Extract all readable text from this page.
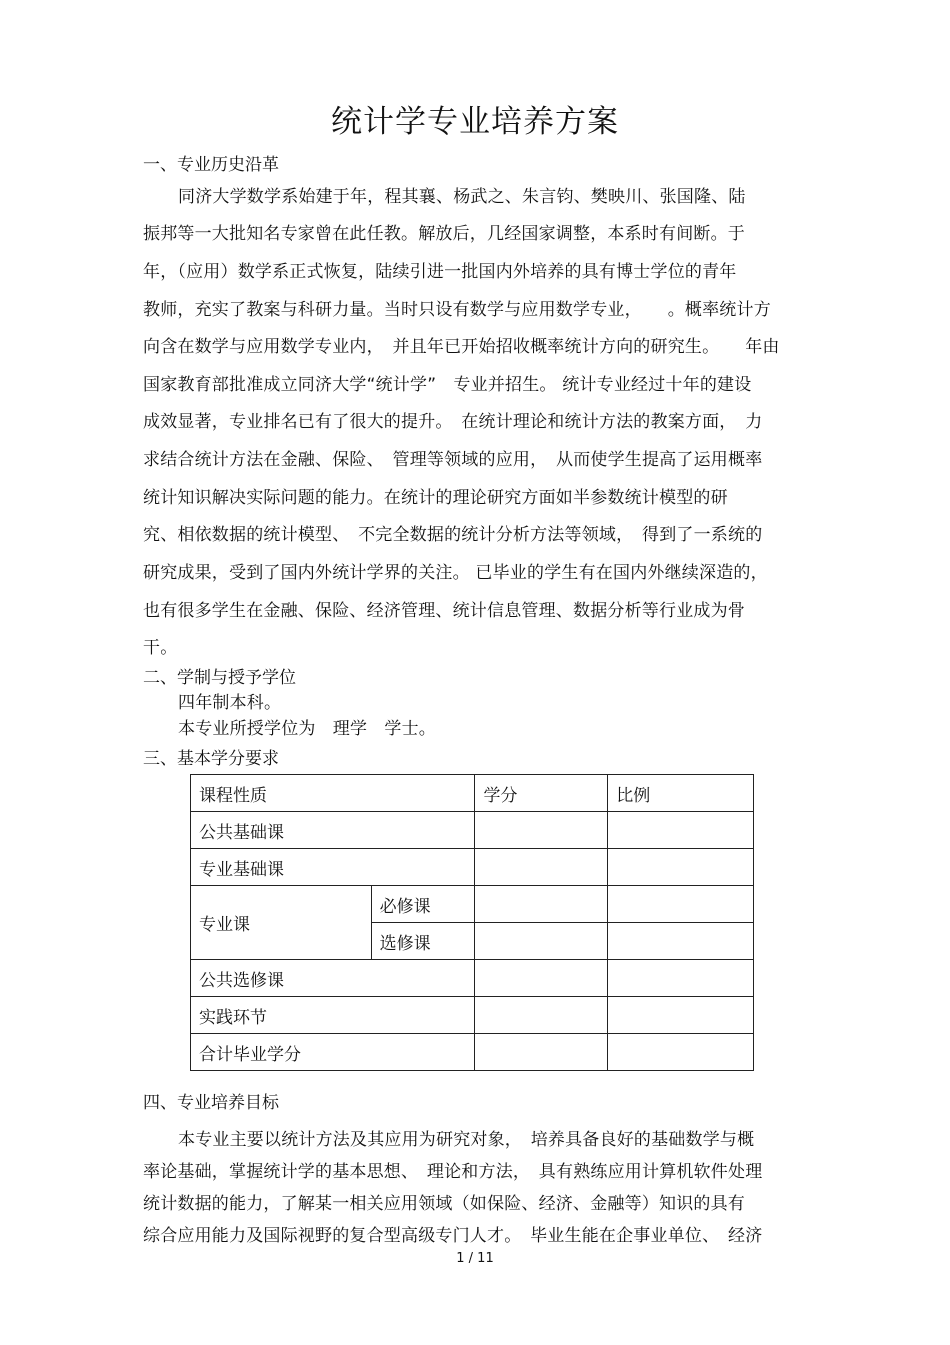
统计学专业培养方案
一、专业历史沿革
同济大学数学系始建于年，程其襄、杨武之、朱言钧、樊映川、张国隆、陆
振邦等一大批知名专家曾在此任教。解放后，几经国家调整，本系时有间断。于
年，（应用）数学系正式恢复，陆续引进一批国内外培养的具有博士学位的青年
教师，充实了教案与科研力量。当时只设有数学与应用数学专业，　　。概率统计方
向含在数学与应用数学专业内，　并且年已开始招收概率统计方向的研究生。　　年由
国家教育部批准成立同济大学“统计学”　专业并招生。 统计专业经过十年的建设
成效显著，专业排名已有了很大的提升。　在统计理论和统计方法的教案方面，　力
求结合统计方法在金融、保险、　管理等领域的应用，　从而使学生提高了运用概率
统计知识解决实际问题的能力。在统计的理论研究方面如半参数统计模型的研
究、相依数据的统计模型、　不完全数据的统计分析方法等领域，　得到了一系统的
研究成果，受到了国内外统计学界的关注。 已毕业的学生有在国内外继续深造的，
也有很多学生在金融、保险、经济管理、统计信息管理、数据分析等行业成为骨
干。
二、学制与授予学位
四年制本科。
本专业所授学位为　理学　学士。
三、基本学分要求
课程性质		学分	比例
公共基础课			
专业基础课			
专业课	必修课		
	选修课		
公共选修课			
实践环节			
合计毕业学分			
四、专业培养目标
本专业主要以统计方法及其应用为研究对象，　培养具备良好的基础数学与概
率论基础，掌握统计学的基本思想、　理论和方法，　具有熟练应用计算机软件处理
统计数据的能力，了解某一相关应用领域（如保险、经济、金融等）知识的具有
综合应用能力及国际视野的复合型高级专门人才。　毕业生能在企事业单位、　经济
1 / 11
